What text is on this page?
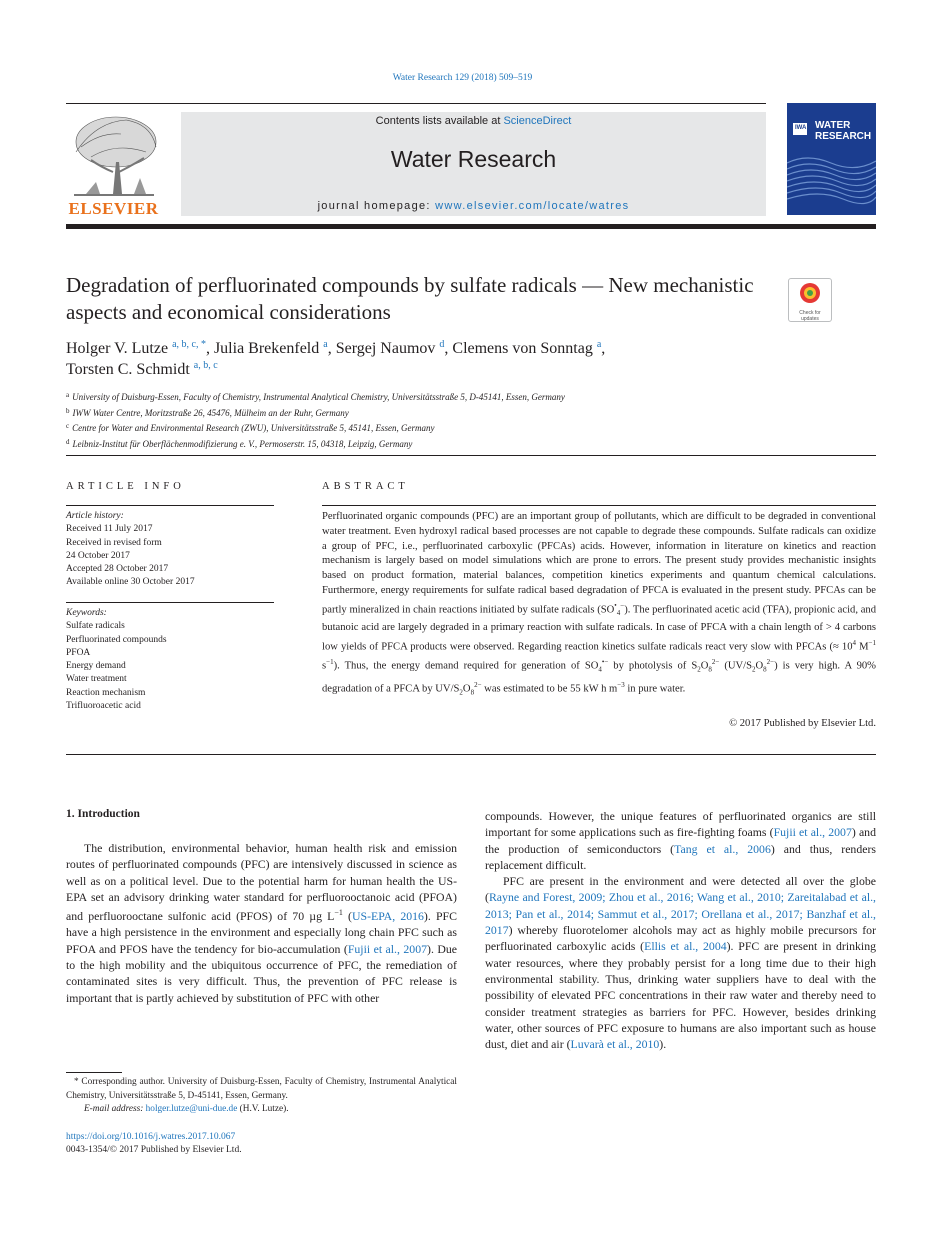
Water Research 129 (2018) 509–519
ELSEVIER
Contents lists available at ScienceDirect
Water Research
journal homepage: www.elsevier.com/locate/watres
IWA WATER
RESEARCH
Degradation of perfluorinated compounds by sulfate radicals — New mechanistic aspects and economical considerations	Check for
updates
Holger V. Lutze $^{a, b, c, *}$, Julia Brekenfeld $^a$, Sergej Naumov $^d$, Clemens von Sonntag $^a$,
Torsten C. Schmidt $^{a, b, c}$
$^a$ University of Duisburg-Essen, Faculty of Chemistry, Instrumental Analytical Chemistry, Universitätsstraße 5, D-45141, Essen, Germany
$^b$ IWW Water Centre, Moritzstraße 26, 45476, Mülheim an der Ruhr, Germany
$^c$ Centre for Water and Environmental Research (ZWU), Universitätsstraße 5, 45141, Essen, Germany
$^d$ Leibniz-Institut für Oberflächenmodifizierung e. V., Permoserstr. 15, 04318, Leipzig, Germany
ARTICLE INFO	ABSTRACT
Article history:
Received 11 July 2017
Received in revised form
24 October 2017
Accepted 28 October 2017
Available online 30 October 2017
Keywords:
Sulfate radicals
Perfluorinated compounds
PFOA
Energy demand
Water treatment
Reaction mechanism
Trifluoroacetic acid
Perfluorinated organic compounds (PFC) are an important group of pollutants, which are difficult to be degraded in conventional water treatment. Even hydroxyl radical based processes are not capable to degrade these compounds. Sulfate radicals can oxidize a group of PFC, i.e., perfluorinated carboxylic (PFCAs) acids. However, information in literature on kinetics and reaction mechanism is largely based on model simulations which are prone to errors. The present study provides mechanistic insights based on product formation, material balances, competition kinetics experiments and quantum chemical calculations. Furthermore, energy requirements for sulfate radical based degradation of PFCA is evaluated in the present study. PFCAs can be partly mineralized in chain reactions initiated by sulfate radicals $(SO^•_4^-)$. The perfluorinated acetic acid (TFA), propionic acid, and butanoic acid are largely degraded in a primary reaction with sulfate radicals. In case of PFCA with a chain length of > 4 carbons low yields of PFCA products were observed. Regarding reaction kinetics sulfate radicals react very slow with PFCAs (≈ $10^4$ $M^{-1}$ $s^{-1}$). Thus, the energy demand required for generation of $SO_4^{•-}$ by photolysis of $S_2O_8^{2-}$ $(UV/S_2O_8^{2-})$ is very high. A 90% degradation of a PFCA by $UV/S_2O_8^{2-}$ was estimated to be 55 kW h $m^{-3}$ in pure water.
© 2017 Published by Elsevier Ltd.
1. Introduction

The distribution, environmental behavior, human health risk and emission routes of perfluorinated compounds (PFC) are intensively discussed in science as well as on a political level. Due to the potential harm for human health the US-EPA set an advisory drinking water standard for perfluorooctanoic acid (PFOA) and perfluorooctane sulfonic acid (PFOS) of 70 µg $L^{-1}$ (US-EPA, 2016). PFC have a high persistence in the environment and especially long chain PFC such as PFOA and PFOS have the tendency for bio-accumulation (Fujii et al., 2007). Due to the high mobility and the ubiquitous occurrence of PFC, the remediation of contaminated sites is very difficult. Thus, the prevention of PFC release is important that is partly achieved by substitution of PFC with other

compounds. However, the unique features of perfluorinated organics are still important for some applications such as fire-fighting foams (Fujii et al., 2007) and the production of semiconductors (Tang et al., 2006) and thus, renders replacement difficult.

PFC are present in the environment and were detected all over the globe (Rayne and Forest, 2009; Zhou et al., 2016; Wang et al., 2010; Zareitalabad et al., 2013; Pan et al., 2014; Sammut et al., 2017; Orellana et al., 2017; Banzhaf et al., 2017) whereby fluorotelomer alcohols may act as highly mobile precursors for perfluorinated carboxylic acids (Ellis et al., 2004). PFC are present in drinking water resources, where they probably persist for a long time due to their high environmental stability. Thus, drinking water suppliers have to deal with the possibility of elevated PFC concentrations in their raw water and thereby need to consider treatment strategies as barriers for PFC. However, besides drinking water, other sources of PFC exposure to humans are also important such as house dust, diet and air (Luvarà et al., 2010).

* Corresponding author. University of Duisburg-Essen, Faculty of Chemistry, Instrumental Analytical Chemistry, Universitätsstraße 5, D-45141, Essen, Germany.
E-mail address: holger.lutze@uni-due.de (H.V. Lutze).
https://doi.org/10.1016/j.watres.2017.10.067
0043-1354/© 2017 Published by Elsevier Ltd.
